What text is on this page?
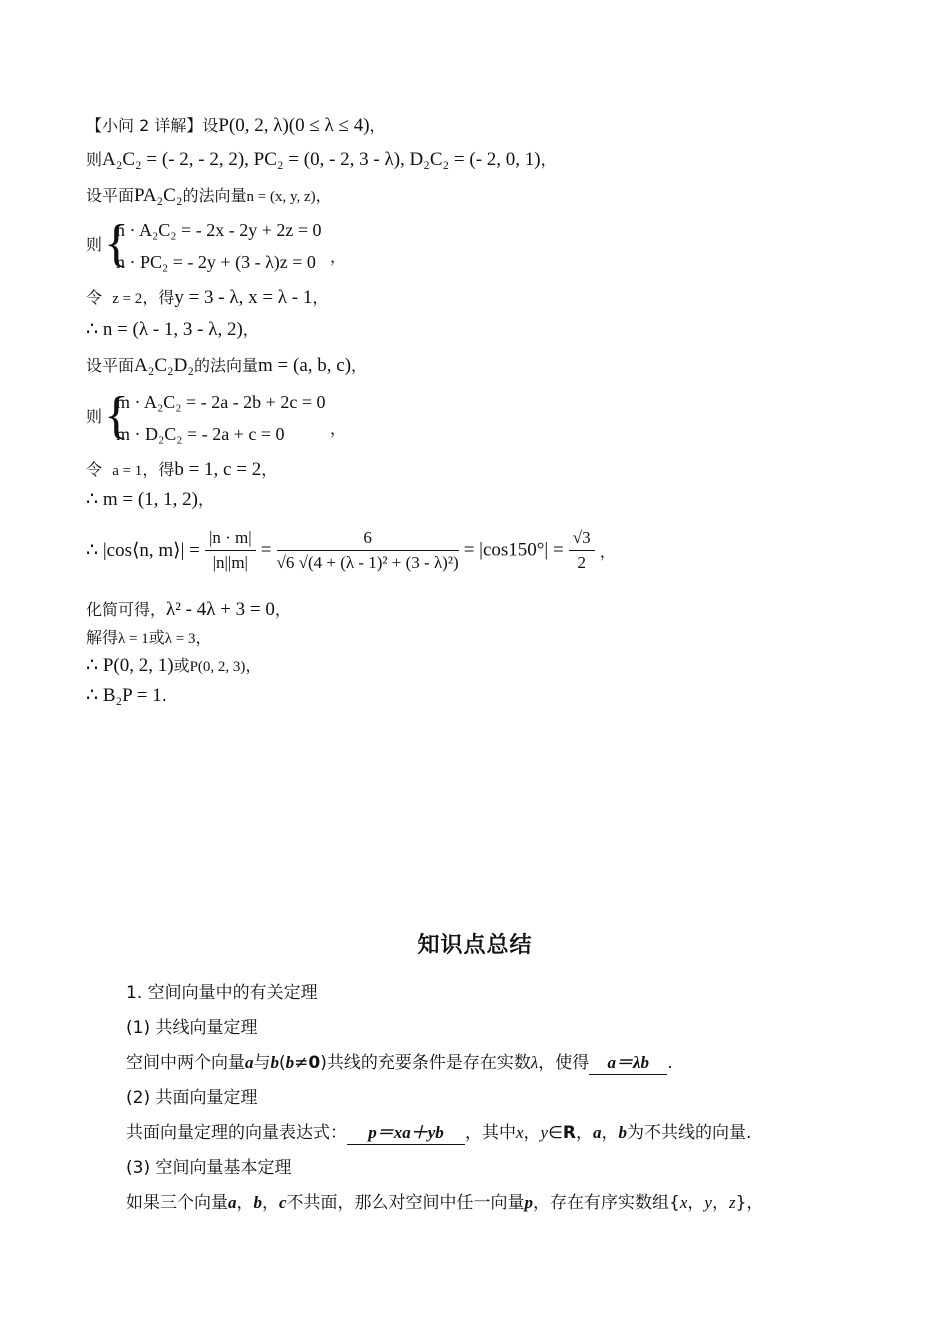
【小问 2 详解】设P(0, 2, λ)(0 ≤ λ ≤ 4)，
则A₂C₂ = (- 2, - 2, 2), PC₂ = (0, - 2, 3 - λ), D₂C₂ = (- 2, 0, 1)，
设平面PA₂C₂的法向量n = (x, y, z)，
则 {
n · A₂C₂ = - 2x - 2y + 2z = 0
n · PC₂ = - 2y + (3 - λ)z = 0 ，
令 z = 2，得y = 3 - λ, x = λ - 1，
∴ n = (λ - 1, 3 - λ, 2)，
设平面A₂C₂D₂的法向量m = (a, b, c)，
则 {
m · A₂C₂ = - 2a - 2b + 2c = 0
m · D₂C₂ = - 2a + c = 0	，
令 a = 1，得b = 1, c = 2，
∴ m = (1, 1, 2)，
∴ |cos⟨n, m⟩| = $\frac{|n \cdot m|}{|n||m|} = \frac{6}{\text{√6 √(4 + (λ - 1)² + (3 - λ)²)}} = |\cos 150^\circ| = \frac{√3}{2}$ ，
化简可得，λ² - 4λ + 3 = 0，
解得λ = 1或λ = 3，
∴ P(0, 2, 1)或P(0, 2, 3)，
∴ B₂P = 1.
知识点总结
1. 空间向量中的有关定理
(1) 共线向量定理
空间中两个向量a与b(b≠0)共线的充要条件是存在实数λ，使得 a＝λb .
(2) 共面向量定理
共面向量定理的向量表达式： p＝xa＋yb ，其中x，y∈R，a，b为不共线的向量.
(3) 空间向量基本定理
如果三个向量a，b，c不共面，那么对空间中任一向量p，存在有序实数组{x，y，z}，
